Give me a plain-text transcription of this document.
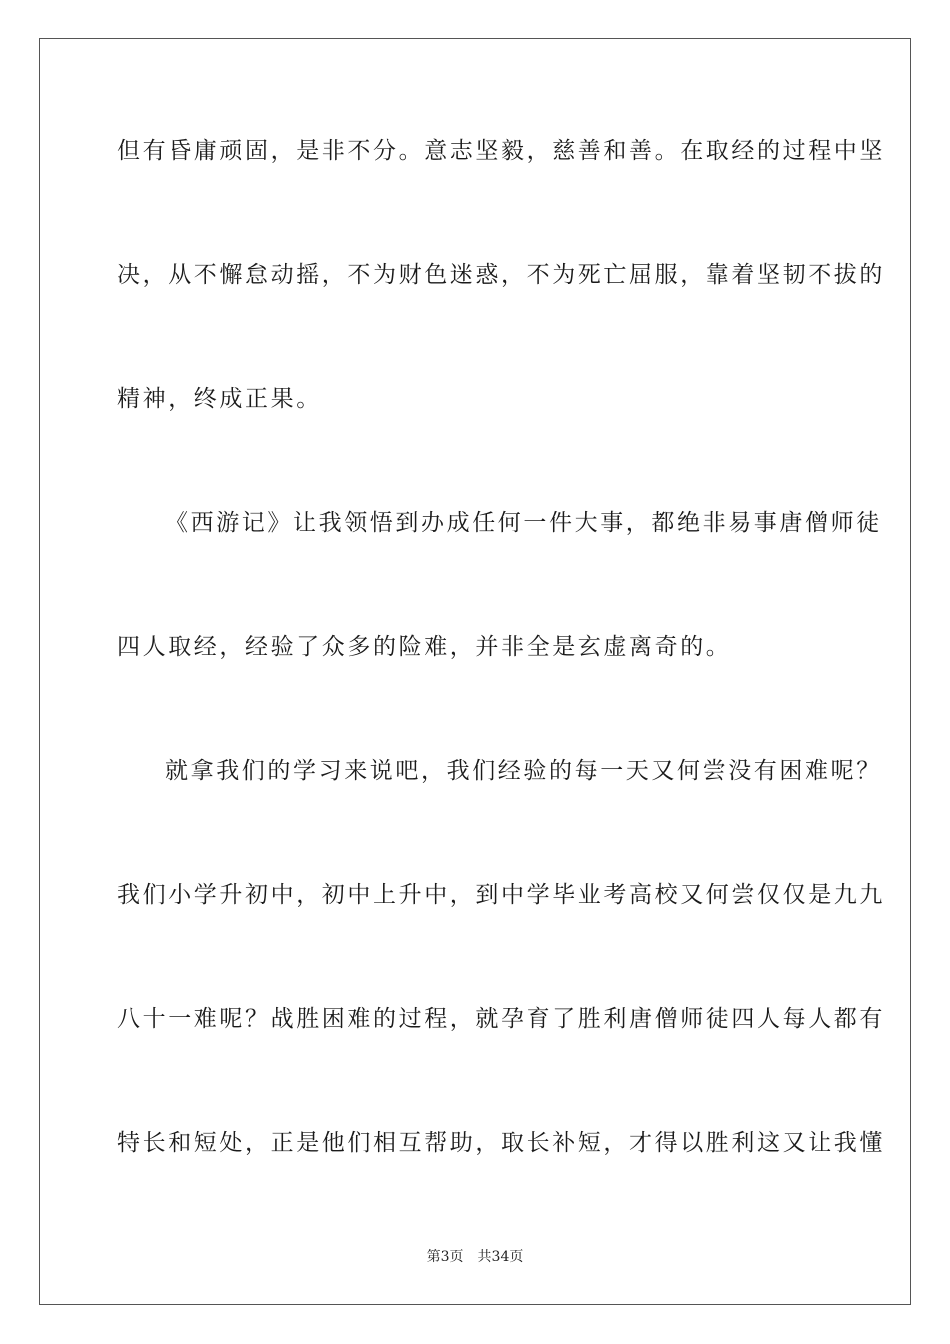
但有昏庸顽固，是非不分。意志坚毅，慈善和善。在取经的过程中坚
决，从不懈怠动摇，不为财色迷惑，不为死亡屈服，靠着坚韧不拔的
精神，终成正果。
《西游记》让我领悟到办成任何一件大事，都绝非易事唐僧师徒
四人取经，经验了众多的险难，并非全是玄虚离奇的。
就拿我们的学习来说吧，我们经验的每一天又何尝没有困难呢？
我们小学升初中，初中上升中，到中学毕业考高校又何尝仅仅是九九
八十一难呢？战胜困难的过程，就孕育了胜利唐僧师徒四人每人都有
特长和短处，正是他们相互帮助，取长补短，才得以胜利这又让我懂
第3页 共34页
